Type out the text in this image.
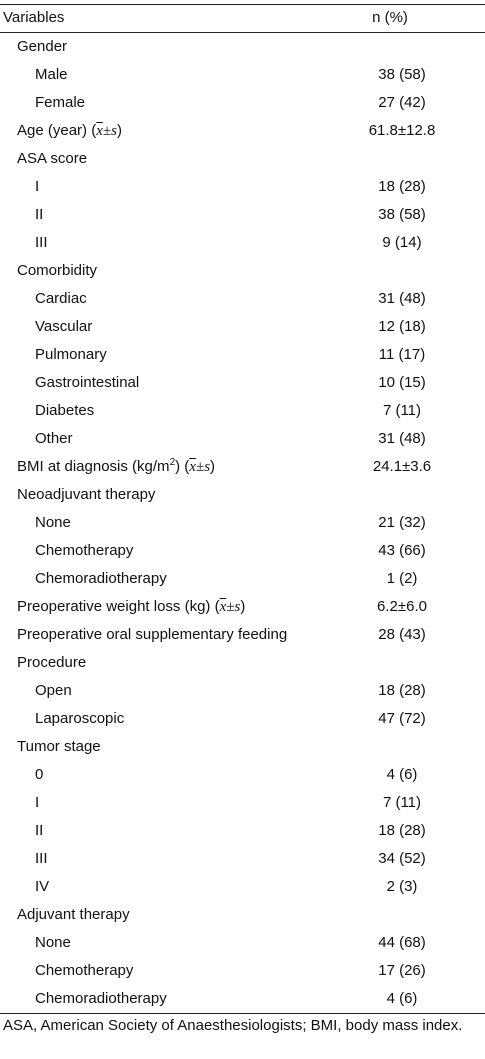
Variables	n (%)
Gender
Male	38 (58)
Female	27 (42)
Age (year) $(\overline{x}\pm s)$	61.8±12.8
ASA score
I	18 (28)
II	38 (58)
III	9 (14)
Comorbidity
Cardiac	31 (48)
Vascular	12 (18)
Pulmonary	11 (17)
Gastrointestinal	10 (15)
Diabetes	7 (11)
Other	31 (48)
BMI at diagnosis $(kg/m^2)$ $(\overline{x}\pm s)$	24.1±3.6
Neoadjuvant therapy
None	21 (32)
Chemotherapy	43 (66)
Chemoradiotherapy	1 (2)
Preoperative weight loss (kg) $(\overline{x}\pm s)$	6.2±6.0
Preoperative oral supplementary feeding	28 (43)
Procedure
Open	18 (28)
Laparoscopic	47 (72)
Tumor stage
0	4 (6)
I	7 (11)
II	18 (28)
III	34 (52)
IV	2 (3)
Adjuvant therapy
None	44 (68)
Chemotherapy	17 (26)
Chemoradiotherapy	4 (6)
ASA, American Society of Anaesthesiologists; BMI, body mass index.
